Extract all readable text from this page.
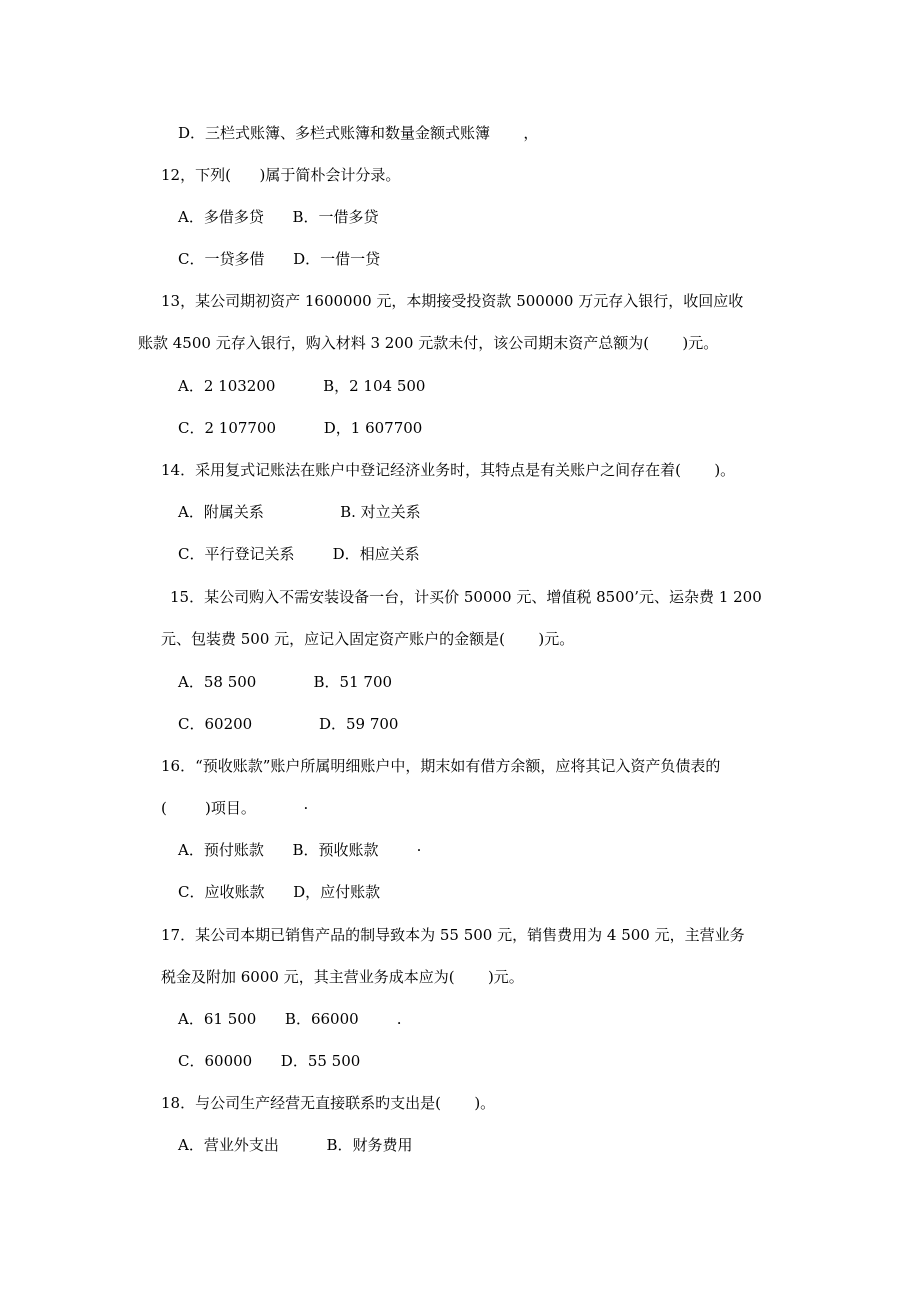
D．三栏式账簿、多栏式账簿和数量金额式账簿       ，
12，下列(      )属于简朴会计分录。
A．多借多贷      B．一借多贷
C．一贷多借      D．一借一贷
13，某公司期初资产 1600000 元，本期接受投资款 500000 万元存入银行，收回应收
账款 4500 元存入银行，购入材料 3 200 元款未付，该公司期末资产总额为(       )元。
A．2 103200          B，2 104 500
C．2 107700          D，1 607700
14．采用复式记账法在账户中登记经济业务时，其特点是有关账户之间存在着(       )。
A．附属关系                B. 对立关系
C．平行登记关系        D．相应关系
15．某公司购入不需安装设备一台，计买价 50000 元、增值税 8500’元、运杂费 1 200
元、包装费 500 元，应记入固定资产账户的金额是(       )元。
A．58 500            B．51 700
C．60200              D．59 700
16．“预收账款”账户所属明细账户中，期末如有借方余额，应将其记入资产负债表的
(        )项目。          ·
A．预付账款      B．预收账款        ·
C．应收账款      D，应付账款
17．某公司本期已销售产品的制导致本为 55 500 元，销售费用为 4 500 元，主营业务
税金及附加 6000 元，其主营业务成本应为(       )元。
A．61 500      B．66000        .
C．60000      D．55 500
18．与公司生产经营无直接联系旳支出是(       )。
A．营业外支出          B．财务费用
